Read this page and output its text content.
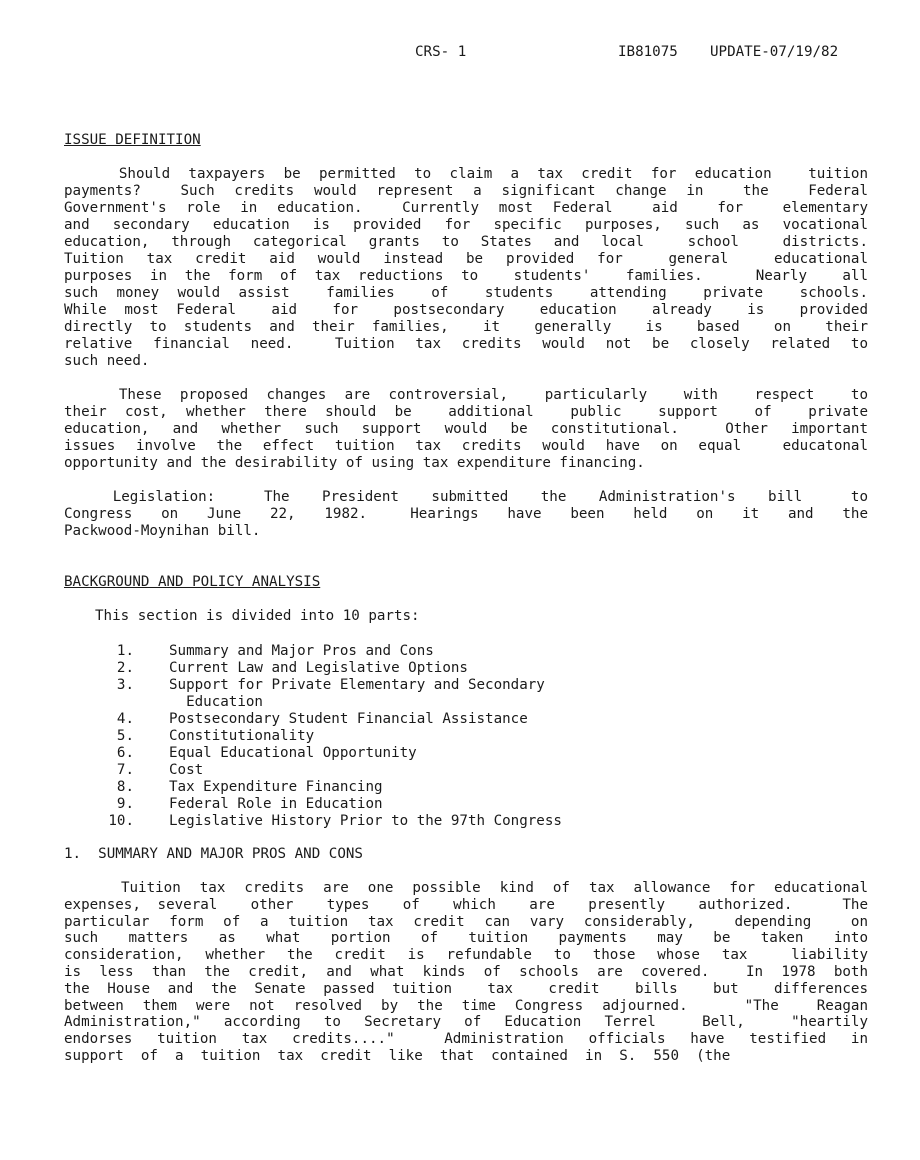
CRS- 1	IB81075 UPDATE-07/19/82
ISSUE DEFINITION
Should taxpayers be permitted to claim a tax credit for education  tuition
payments?  Such credits would represent a significant change in  the  Federal
Government's role in education.  Currently most Federal  aid  for  elementary
and secondary education is provided for specific purposes, such as vocational
education, through categorical grants to States and local  school  districts.
Tuition tax credit aid would instead be provided for  general  educational
purposes in the form of tax reductions to  students'  families.   Nearly  all
such money would assist  families  of  students  attending  private  schools.
While most Federal  aid  for  postsecondary  education  already  is  provided
directly to students and their families,  it  generally  is  based  on  their
relative financial need.  Tuition tax credits would not be closely related to
such need.
These proposed changes are controversial,  particularly  with  respect  to
their cost, whether there should be  additional  public  support  of  private
education, and whether such support would be constitutional.  Other important
issues involve the effect tuition tax credits would have on equal  educatonal
opportunity and the desirability of using tax expenditure financing.
Legislation:   The  President  submitted  the  Administration's  bill   to
Congress  on  June  22,  1982.   Hearings  have  been  held  on  it  and  the
Packwood-Moynihan bill.
BACKGROUND AND POLICY ANALYSIS
This section is divided into 10 parts:
1. Summary and Major Pros and Cons
2. Current Law and Legislative Options
3. Support for Private Elementary and Secondary
Education
4. Postsecondary Student Financial Assistance
5. Constitutionality
6. Equal Educational Opportunity
7. Cost
8. Tax Expenditure Financing
9. Federal Role in Education
10. Legislative History Prior to the 97th Congress
1.  SUMMARY AND MAJOR PROS AND CONS
Tuition tax credits are one possible kind of tax allowance for educational
expenses, several  other  types  of  which  are  presently  authorized.   The
particular form of a tuition tax credit can vary considerably,  depending  on
such  matters  as  what  portion  of  tuition  payments  may  be  taken  into
consideration, whether the credit is refundable to those whose tax  liability
is less than the credit, and what kinds of schools are covered.  In 1978 both
the House and the Senate passed tuition  tax  credit  bills  but  differences
between them were not resolved by the time Congress adjourned.   "The  Reagan
Administration," according to Secretary of Education Terrel  Bell,  "heartily
endorses tuition tax credits...."  Administration officials have testified in
support  of  a  tuition  tax  credit  like  that  contained  in  S.  550  (the
